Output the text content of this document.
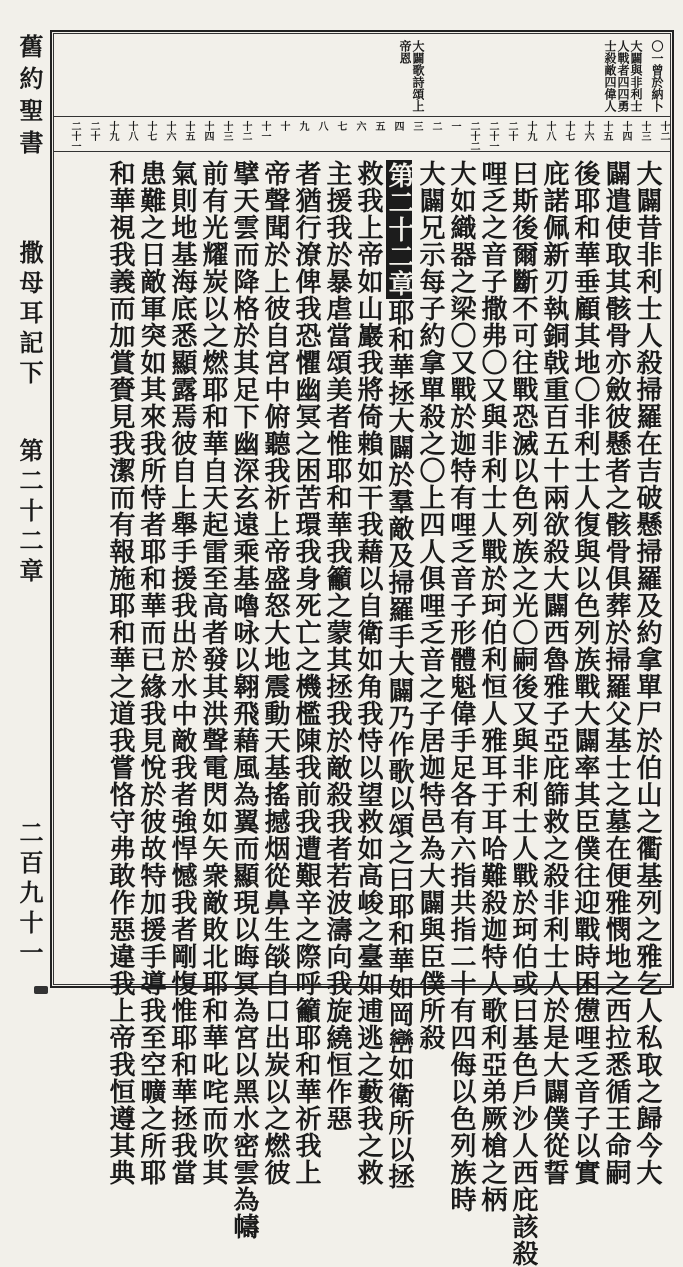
舊約聖書
撒母耳記下
第二十二章
二百九十一
〇一曾於納卜
大闢與非利士人戰者四四勇士殺敵四偉人
大闢歌詩頌上帝恩
十二
十三
十四
十五
十六
十七
十八
十九
二十
二十一
二十二
一
二
三
四
五
六
七
八
九
十
十一
十二
十三
十四
十五
十六
十七
十八
十九
二十
二十一
大闢昔非利士人殺掃羅在吉破懸掃羅及約拿單尸於伯山之衢基列之雅乞人私取之歸今大
闢遣使取其骸骨亦斂彼懸者之骸骨俱葬於掃羅父基士之墓在便雅憫地之西拉悉循王命嗣
後耶和華垂顧其地〇非利士人復與以色列族戰大闢率其臣僕往迎戰時困憊哩乏音子以實
庇諾佩新刃執銅戟重百五十兩欲殺大闢西魯雅子亞庇篩救之殺非利士人於是大闢僕從誓
曰斯後爾斷不可往戰恐滅以色列族之光〇嗣後又與非利士人戰於珂伯或曰基色戶沙人西庇該殺
哩乏之音子撒弗〇又與非利士人戰於珂伯利恒人雅耳于耳哈難殺迦特人歌利亞弟厥槍之柄
大如織器之梁〇又戰於迦特有哩乏音子形體魁偉手足各有六指共指二十有四侮以色列族時
大闢兄示每子約拿單殺之〇上四人俱哩乏音之子居迦特邑為大闢與臣僕所殺
第二十二章耶和華拯大闢於羣敵及掃羅手大闢乃作歌以頌之曰耶和華如岡巒如衛所以拯
救我上帝如山巖我將倚賴如干我藉以自衛如角我恃以望救如高峻之臺如逋逃之藪我之救
主援我於暴虐當頌美者惟耶和華我籲之蒙其拯我於敵殺我者若波濤向我旋繞恒作惡
者猶行潦俾我恐懼幽冥之困苦環我身死亡之機檻陳我前我遭艱辛之際呼籲耶和華祈我上
帝聲聞於上彼自宮中俯聽我祈上帝盛怒大地震動天基搖撼烟從鼻生燄自口出炭以之燃彼
擘天雲而降格於其足下幽深玄遠乘基嚕咏以翱飛藉風為翼而顯現以晦冥為宮以黑水密雲為幬
前有光耀炭以之燃耶和華自天起雷至高者發其洪聲電閃如矢衆敵敗北耶和華叱咤而吹其
氣則地基海底悉顯露焉彼自上舉手援我出於水中敵我者強悍憾我者剛愎惟耶和華拯我當
患難之日敵軍突如其來我所恃者耶和華而已緣我見悅於彼故特加援手導我至空曠之所耶
和華視我義而加賞賚見我潔而有報施耶和華之道我嘗恪守弗敢作惡違我上帝我恒遵其典
